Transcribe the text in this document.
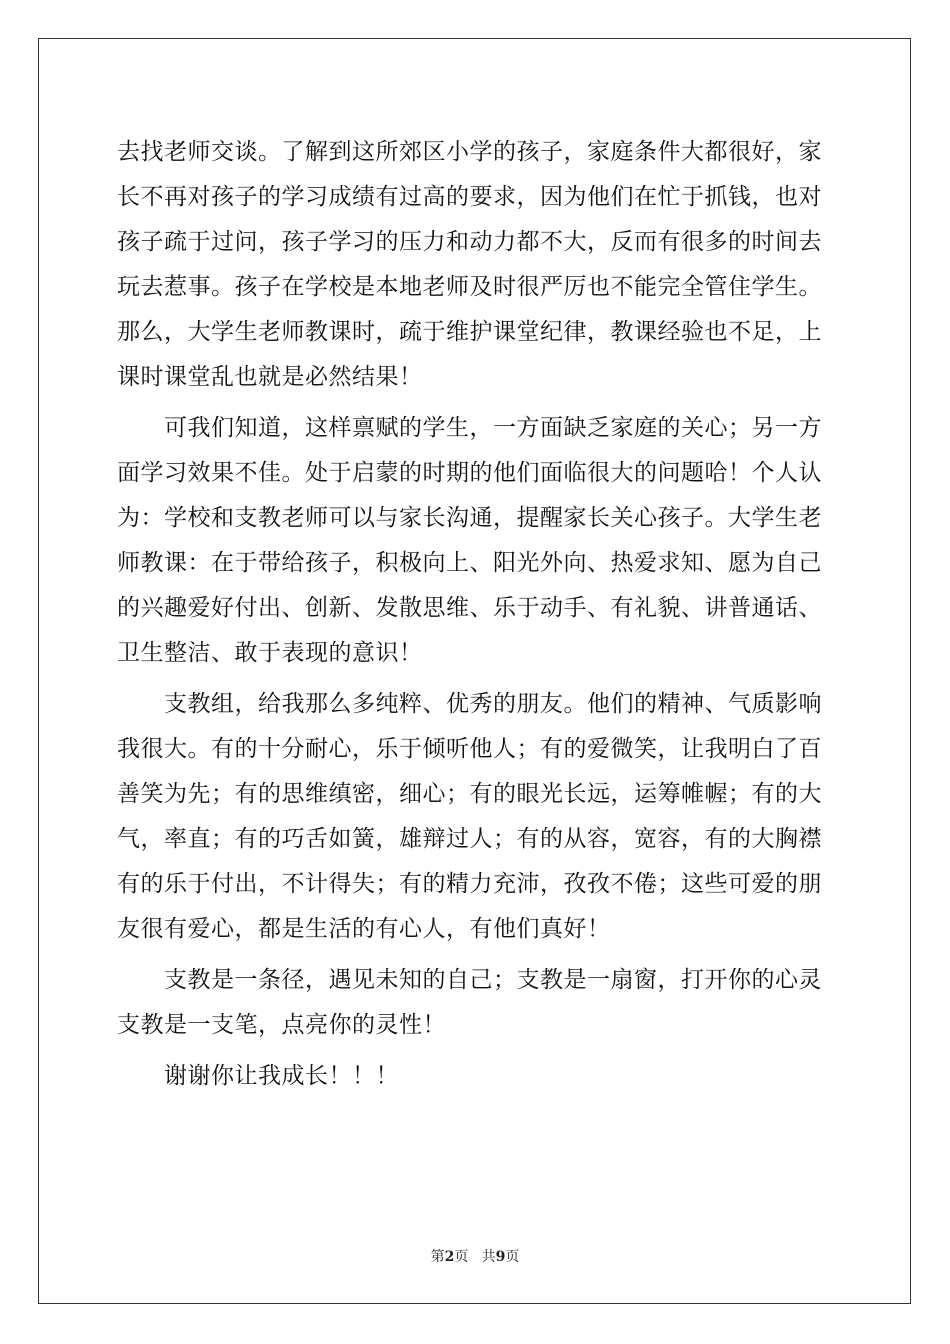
去找老师交谈。了解到这所郊区小学的孩子，家庭条件大都很好，家
长不再对孩子的学习成绩有过高的要求，因为他们在忙于抓钱，也对
孩子疏于过问，孩子学习的压力和动力都不大，反而有很多的时间去
玩去惹事。孩子在学校是本地老师及时很严厉也不能完全管住学生。
那么，大学生老师教课时，疏于维护课堂纪律，教课经验也不足，上
课时课堂乱也就是必然结果！
可我们知道，这样禀赋的学生，一方面缺乏家庭的关心；另一方
面学习效果不佳。处于启蒙的时期的他们面临很大的问题哈！个人认
为：学校和支教老师可以与家长沟通，提醒家长关心孩子。大学生老
师教课：在于带给孩子，积极向上、阳光外向、热爱求知、愿为自己
的兴趣爱好付出、创新、发散思维、乐于动手、有礼貌、讲普通话、
卫生整洁、敢于表现的意识！
支教组，给我那么多纯粹、优秀的朋友。他们的精神、气质影响
我很大。有的十分耐心，乐于倾听他人；有的爱微笑，让我明白了百
善笑为先；有的思维缜密，细心；有的眼光长远，运筹帷幄；有的大
气，率直；有的巧舌如簧，雄辩过人；有的从容，宽容，有的大胸襟
有的乐于付出，不计得失；有的精力充沛，孜孜不倦；这些可爱的朋
友很有爱心，都是生活的有心人，有他们真好！
支教是一条径，遇见未知的自己；支教是一扇窗，打开你的心灵
支教是一支笔，点亮你的灵性！
谢谢你让我成长！！！
第2页 共9页
